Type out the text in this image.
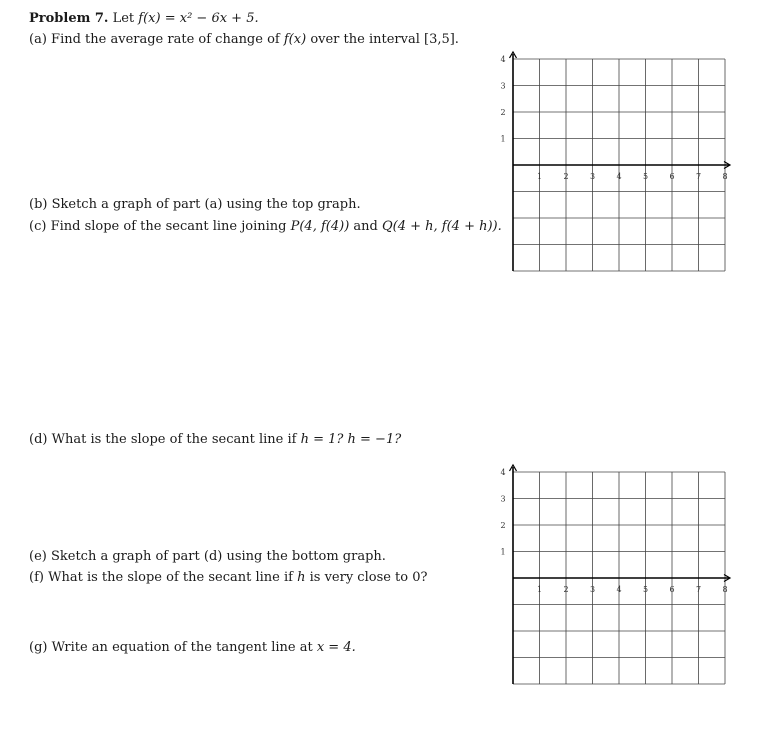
Problem 7. Let f(x) = x² − 6x + 5.
(a) Find the average rate of change of f(x) over the interval [3,5].
(b) Sketch a graph of part (a) using the top graph.
(c) Find slope of the secant line joining P(4, f(4)) and Q(4 + h, f(4 + h)).
(d) What is the slope of the secant line if h = 1? h = −1?
(e) Sketch a graph of part (d) using the bottom graph.
(f) What is the slope of the secant line if h is very close to 0?
(g) Write an equation of the tangent line at x = 4.
1	2	3	4	5	6	7	8
4
3
2
1
1	2	3	4	5	6	7	8
4
3
2
1
